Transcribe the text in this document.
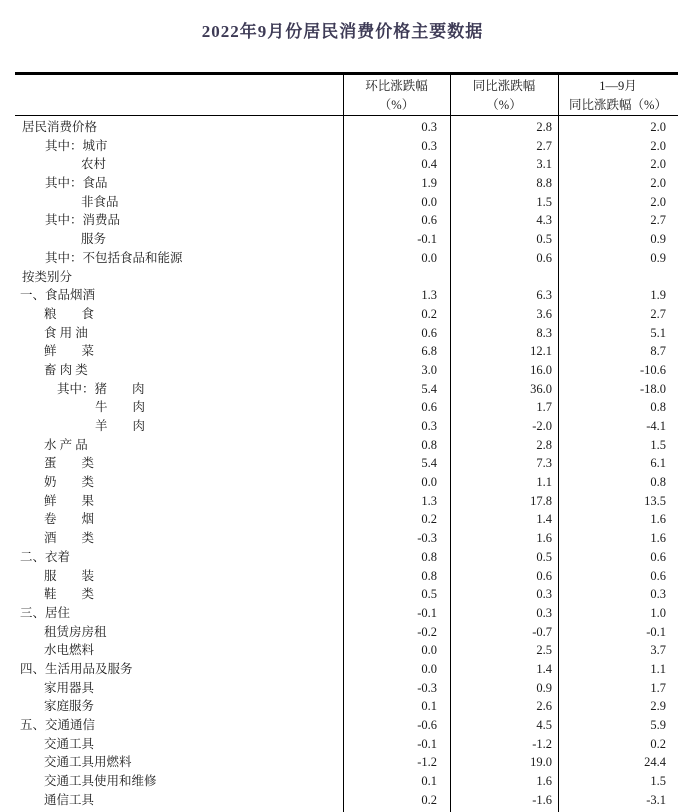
2022年9月份居民消费价格主要数据
环比涨跌幅
（%）
同比涨跌幅
（%）
1—9月
同比涨跌幅（%）
居民消费价格	0.3	2.8	2.0
其中：城市	0.3	2.7	2.0
农村	0.4	3.1	2.0
其中：食品	1.9	8.8	2.0
非食品	0.0	1.5	2.0
其中：消费品	0.6	4.3	2.7
服务	-0.1	0.5	0.9
其中：不包括食品和能源	0.0	0.6	0.9
按类别分
一、食品烟酒	1.3	6.3	1.9
粮　　食	0.2	3.6	2.7
食 用 油	0.6	8.3	5.1
鲜　　菜	6.8	12.1	8.7
畜 肉 类	3.0	16.0	-10.6
其中：猪　　肉	5.4	36.0	-18.0
牛　　肉	0.6	1.7	0.8
羊　　肉	0.3	-2.0	-4.1
水 产 品	0.8	2.8	1.5
蛋　　类	5.4	7.3	6.1
奶　　类	0.0	1.1	0.8
鲜　　果	1.3	17.8	13.5
卷　　烟	0.2	1.4	1.6
酒　　类	-0.3	1.6	1.6
二、衣着	0.8	0.5	0.6
服　　装	0.8	0.6	0.6
鞋　　类	0.5	0.3	0.3
三、居住	-0.1	0.3	1.0
租赁房房租	-0.2	-0.7	-0.1
水电燃料	0.0	2.5	3.7
四、生活用品及服务	0.0	1.4	1.1
家用器具	-0.3	0.9	1.7
家庭服务	0.1	2.6	2.9
五、交通通信	-0.6	4.5	5.9
交通工具	-0.1	-1.2	0.2
交通工具用燃料	-1.2	19.0	24.4
交通工具使用和维修	0.1	1.6	1.5
通信工具	0.2	-1.6	-3.1
